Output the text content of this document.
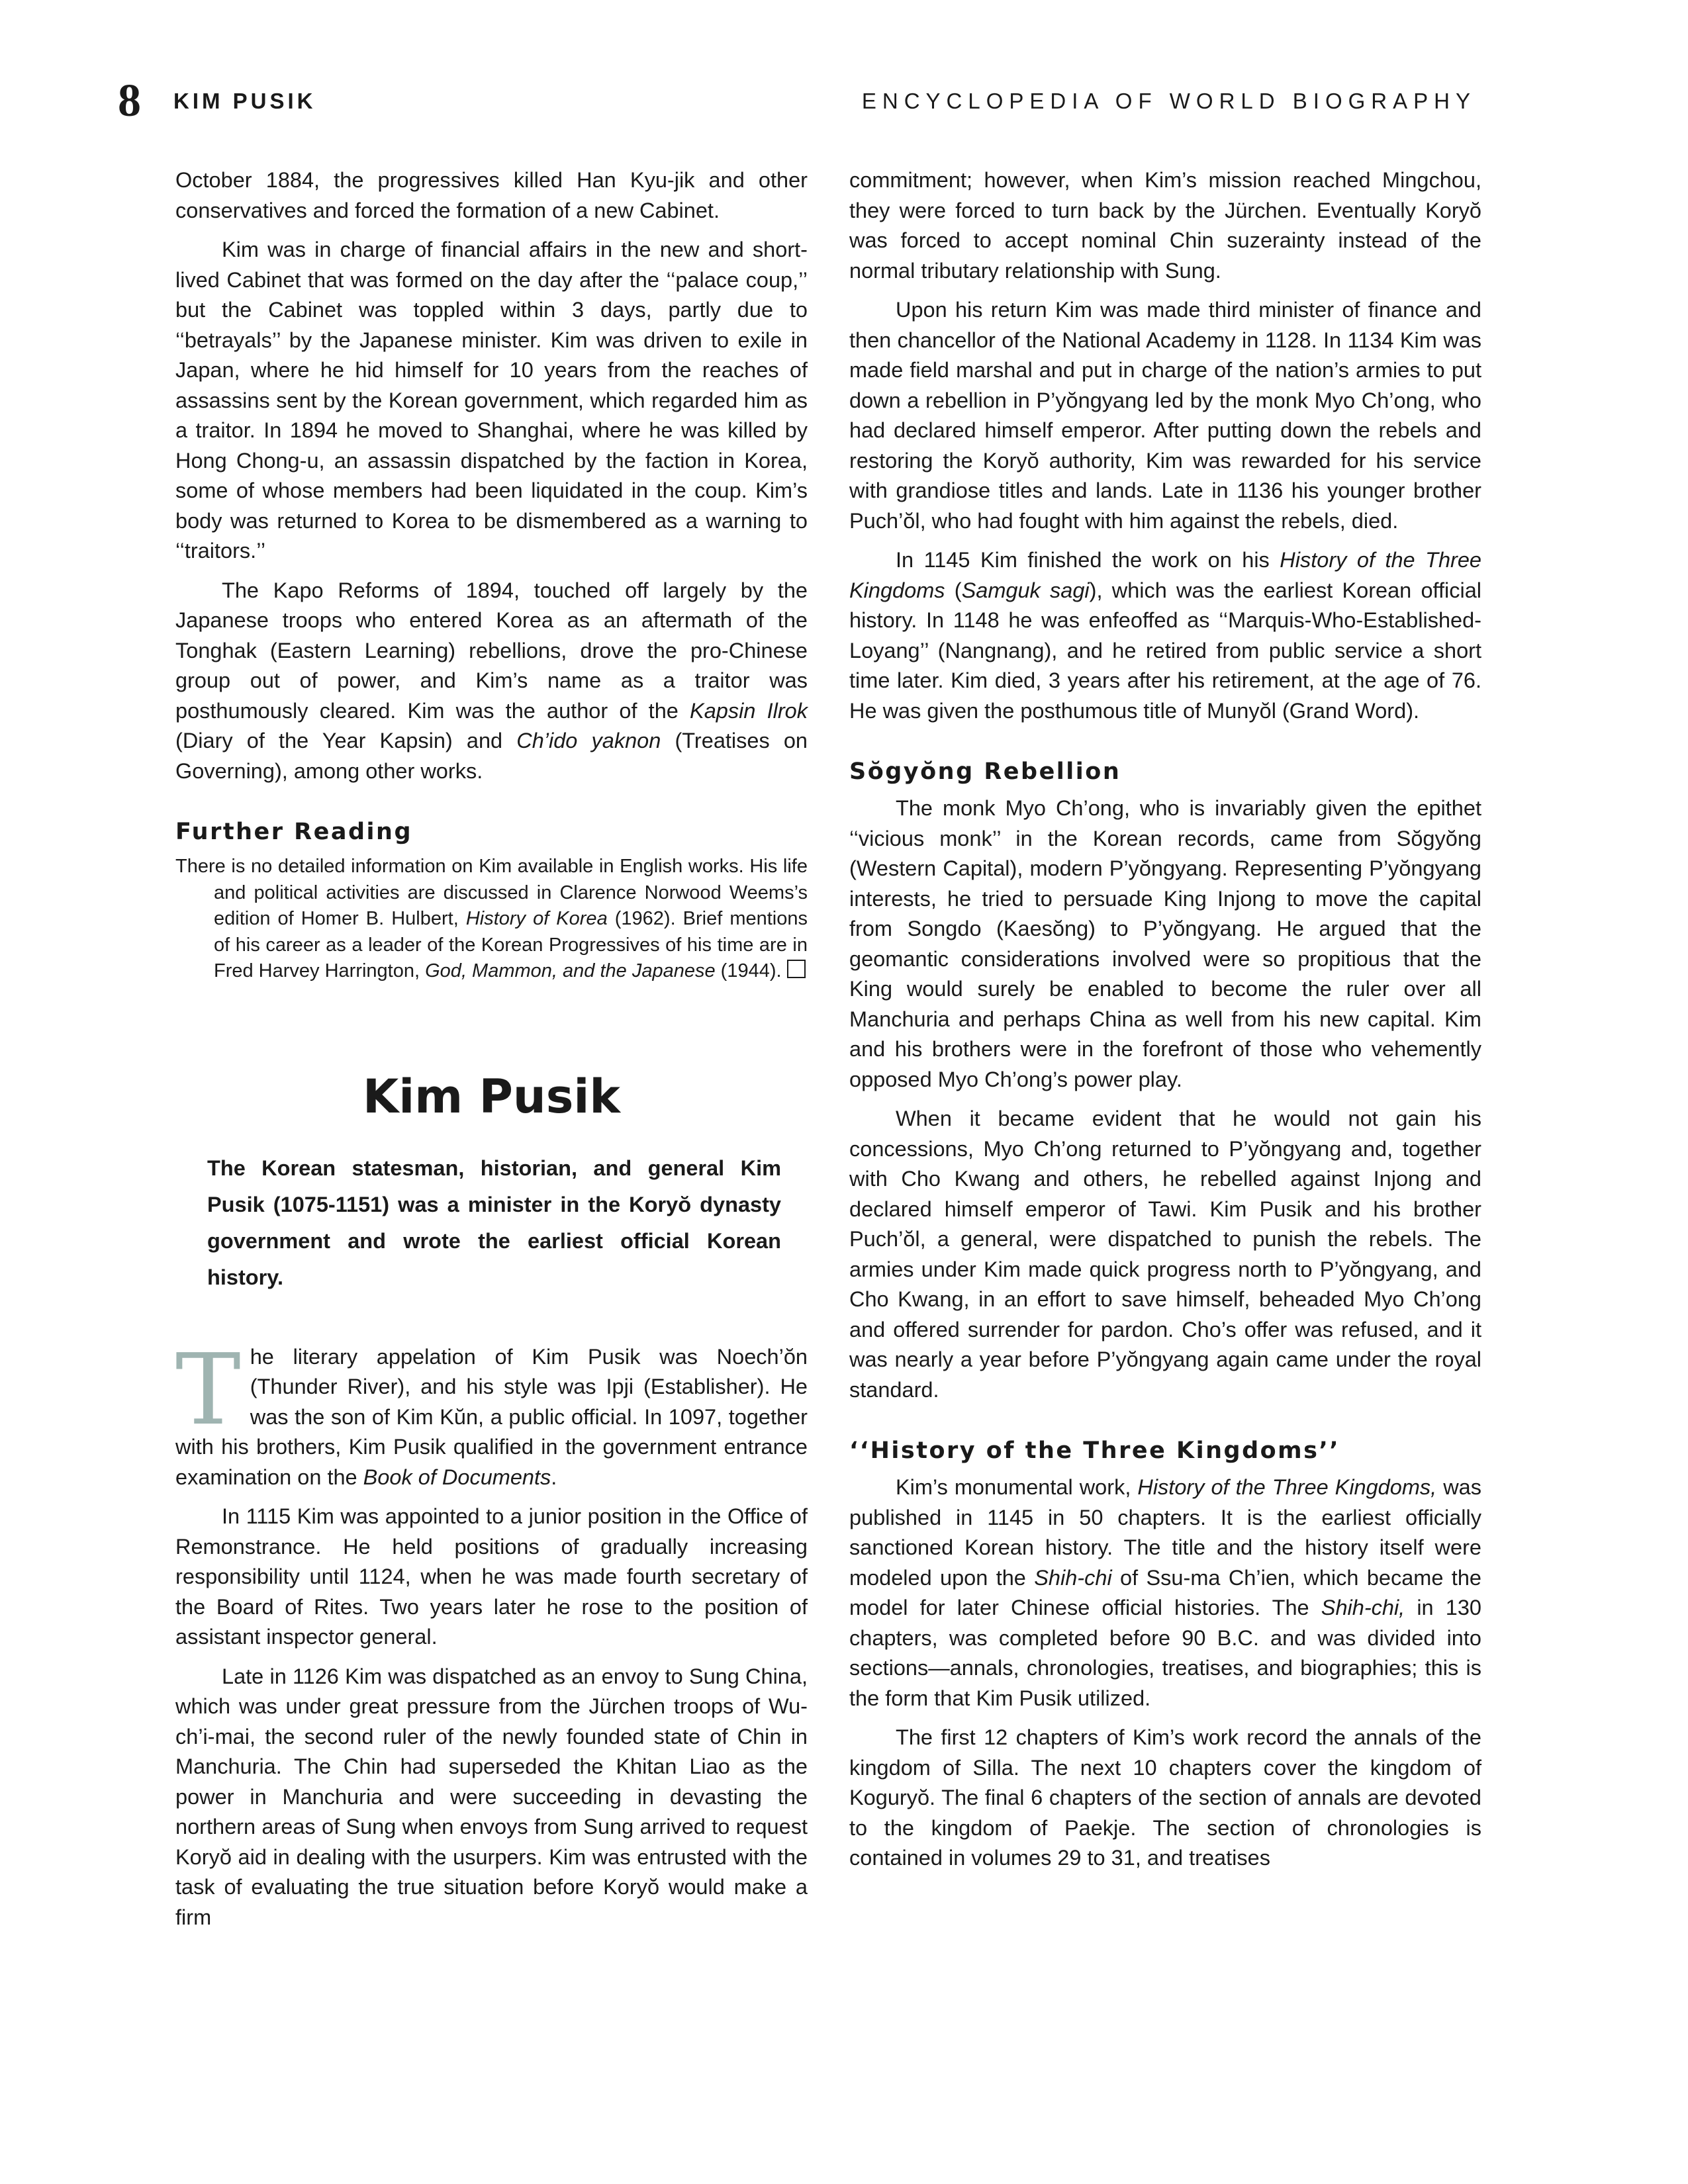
8 KIM PUSIK	ENCYCLOPEDIA OF WORLD BIOGRAPHY

October 1884, the progressives killed Han Kyu-jik and other conservatives and forced the formation of a new Cabinet.

Kim was in charge of financial affairs in the new and short-lived Cabinet that was formed on the day after the ‘‘palace coup,’’ but the Cabinet was toppled within 3 days, partly due to ‘‘betrayals’’ by the Japanese minister. Kim was driven to exile in Japan, where he hid himself for 10 years from the reaches of assassins sent by the Korean government, which regarded him as a traitor. In 1894 he moved to Shanghai, where he was killed by Hong Chong-u, an assassin dispatched by the faction in Korea, some of whose members had been liquidated in the coup. Kim’s body was returned to Korea to be dismembered as a warning to ‘‘traitors.’’

The Kapo Reforms of 1894, touched off largely by the Japanese troops who entered Korea as an aftermath of the Tonghak (Eastern Learning) rebellions, drove the pro-Chinese group out of power, and Kim’s name as a traitor was posthumously cleared. Kim was the author of the Kapsin Ilrok (Diary of the Year Kapsin) and Ch’ido yaknon (Treatises on Governing), among other works.

Further Reading

There is no detailed information on Kim available in English works. His life and political activities are discussed in Clarence Norwood Weems’s edition of Homer B. Hulbert, History of Korea (1962). Brief mentions of his career as a leader of the Korean Progressives of his time are in Fred Harvey Harrington, God, Mammon, and the Japanese (1944).

Kim Pusik
The Korean statesman, historian, and general Kim Pusik (1075-1151) was a minister in the Koryŏ dynasty government and wrote the earliest official Korean history.

The literary appelation of Kim Pusik was Noech’ŏn (Thunder River), and his style was Ipji (Establisher). He was the son of Kim Kŭn, a public official. In 1097, together with his brothers, Kim Pusik qualified in the government entrance examination on the Book of Documents.

In 1115 Kim was appointed to a junior position in the Office of Remonstrance. He held positions of gradually increasing responsibility until 1124, when he was made fourth secretary of the Board of Rites. Two years later he rose to the position of assistant inspector general.

Late in 1126 Kim was dispatched as an envoy to Sung China, which was under great pressure from the Jürchen troops of Wu-ch’i-mai, the second ruler of the newly founded state of Chin in Manchuria. The Chin had superseded the Khitan Liao as the power in Manchuria and were succeeding in devasting the northern areas of Sung when envoys from Sung arrived to request Koryŏ aid in dealing with the usurpers. Kim was entrusted with the task of evaluating the true situation before Koryŏ would make a firm

commitment; however, when Kim’s mission reached Mingchou, they were forced to turn back by the Jürchen. Eventually Koryŏ was forced to accept nominal Chin suzerainty instead of the normal tributary relationship with Sung.

Upon his return Kim was made third minister of finance and then chancellor of the National Academy in 1128. In 1134 Kim was made field marshal and put in charge of the nation’s armies to put down a rebellion in P’yŏngyang led by the monk Myo Ch’ong, who had declared himself emperor. After putting down the rebels and restoring the Koryŏ authority, Kim was rewarded for his service with grandiose titles and lands. Late in 1136 his younger brother Puch’ŏl, who had fought with him against the rebels, died.

In 1145 Kim finished the work on his History of the Three Kingdoms (Samguk sagi), which was the earliest Korean official history. In 1148 he was enfeoffed as ‘‘Marquis-Who-Established-Loyang’’ (Nangnang), and he retired from public service a short time later. Kim died, 3 years after his retirement, at the age of 76. He was given the posthumous title of Munyŏl (Grand Word).

Sŏgyŏng Rebellion

The monk Myo Ch’ong, who is invariably given the epithet ‘‘vicious monk’’ in the Korean records, came from Sŏgyŏng (Western Capital), modern P’yŏngyang. Representing P’yŏngyang interests, he tried to persuade King Injong to move the capital from Songdo (Kaesŏng) to P’yŏngyang. He argued that the geomantic considerations involved were so propitious that the King would surely be enabled to become the ruler over all Manchuria and perhaps China as well from his new capital. Kim and his brothers were in the forefront of those who vehemently opposed Myo Ch’ong’s power play.

When it became evident that he would not gain his concessions, Myo Ch’ong returned to P’yŏngyang and, together with Cho Kwang and others, he rebelled against Injong and declared himself emperor of Tawi. Kim Pusik and his brother Puch’ŏl, a general, were dispatched to punish the rebels. The armies under Kim made quick progress north to P’yŏngyang, and Cho Kwang, in an effort to save himself, beheaded Myo Ch’ong and offered surrender for pardon. Cho’s offer was refused, and it was nearly a year before P’yŏngyang again came under the royal standard.

‘‘History of the Three Kingdoms’’

Kim’s monumental work, History of the Three Kingdoms, was published in 1145 in 50 chapters. It is the earliest officially sanctioned Korean history. The title and the history itself were modeled upon the Shih-chi of Ssu-ma Ch’ien, which became the model for later Chinese official histories. The Shih-chi, in 130 chapters, was completed before 90 B.C. and was divided into sections—annals, chronologies, treatises, and biographies; this is the form that Kim Pusik utilized.

The first 12 chapters of Kim’s work record the annals of the kingdom of Silla. The next 10 chapters cover the kingdom of Koguryŏ. The final 6 chapters of the section of annals are devoted to the kingdom of Paekje. The section of chronologies is contained in volumes 29 to 31, and treatises
